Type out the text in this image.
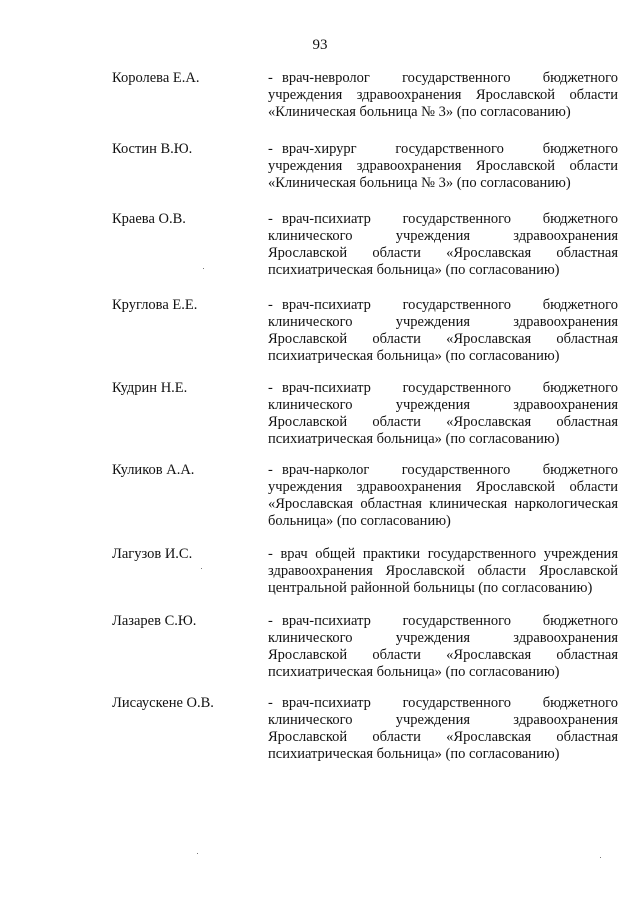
93
Королева Е.А.	- врач-невролог государственного бюджетного учреждения здравоохранения Ярославской области «Клиническая больница № 3» (по согласованию)
Костин В.Ю.	- врач-хирург государственного бюджетного учреждения здравоохранения Ярославской области «Клиническая больница № 3» (по согласованию)
Краева О.В.	- врач-психиатр государственного бюджетного клинического учреждения здравоохранения Ярославской области «Ярославская областная психиатрическая больница» (по согласованию)
Круглова Е.Е.	- врач-психиатр государственного бюджетного клинического учреждения здравоохранения Ярославской области «Ярославская областная психиатрическая больница» (по согласованию)
Кудрин Н.Е.	- врач-психиатр государственного бюджетного клинического учреждения здравоохранения Ярославской области «Ярославская областная психиатрическая больница» (по согласованию)
Куликов А.А.	- врач-нарколог государственного бюджетного учреждения здравоохранения Ярославской области «Ярославская областная клиническая наркологическая больница» (по согласованию)
Лагузов И.С.	- врач общей практики государственного учреждения здравоохранения Ярославской области Ярославской центральной районной больницы (по согласованию)
Лазарев С.Ю.	- врач-психиатр государственного бюджетного клинического учреждения здравоохранения Ярославской области «Ярославская областная психиатрическая больница» (по согласованию)
Лисаускене О.В.	- врач-психиатр государственного бюджетного клинического учреждения здравоохранения Ярославской области «Ярославская областная психиатрическая больница» (по согласованию)
